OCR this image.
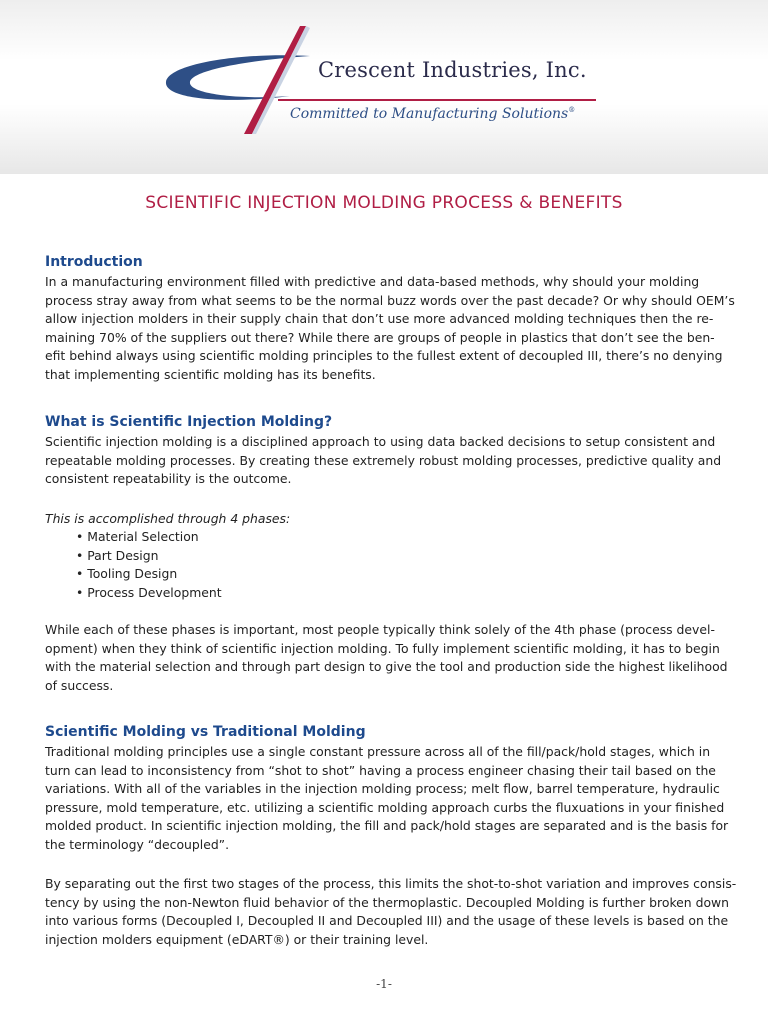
Crescent Industries, Inc.
Committed to Manufacturing Solutions®
SCIENTIFIC INJECTION MOLDING PROCESS & BENEFITS
Introduction

In a manufacturing environment filled with predictive and data-based methods, why should your molding
process stray away from what seems to be the normal buzz words over the past decade? Or why should OEM’s
allow injection molders in their supply chain that don’t use more advanced molding techniques then the re-
maining 70% of the suppliers out there? While there are groups of people in plastics that don’t see the ben-
efit behind always using scientific molding principles to the fullest extent of decoupled III, there’s no denying
that implementing scientific molding has its benefits.

What is Scientific Injection Molding?

Scientific injection molding is a disciplined approach to using data backed decisions to setup consistent and
repeatable molding processes. By creating these extremely robust molding processes, predictive quality and
consistent repeatability is the outcome.

This is accomplished through 4 phases:

• Material Selection
• Part Design
• Tooling Design
• Process Development

While each of these phases is important, most people typically think solely of the 4th phase (process devel-
opment) when they think of scientific injection molding. To fully implement scientific molding, it has to begin
with the material selection and through part design to give the tool and production side the highest likelihood
of success.

Scientific Molding vs Traditional Molding

Traditional molding principles use a single constant pressure across all of the fill/pack/hold stages, which in
turn can lead to inconsistency from “shot to shot” having a process engineer chasing their tail based on the
variations. With all of the variables in the injection molding process; melt flow, barrel temperature, hydraulic
pressure, mold temperature, etc. utilizing a scientific molding approach curbs the fluxuations in your finished
molded product. In scientific injection molding, the fill and pack/hold stages are separated and is the basis for
the terminology “decoupled”.

By separating out the first two stages of the process, this limits the shot-to-shot variation and improves consis-
tency by using the non-Newton fluid behavior of the thermoplastic. Decoupled Molding is further broken down
into various forms (Decoupled I, Decoupled II and Decoupled III) and the usage of these levels is based on the
injection molders equipment (eDART®) or their training level.

-1-
